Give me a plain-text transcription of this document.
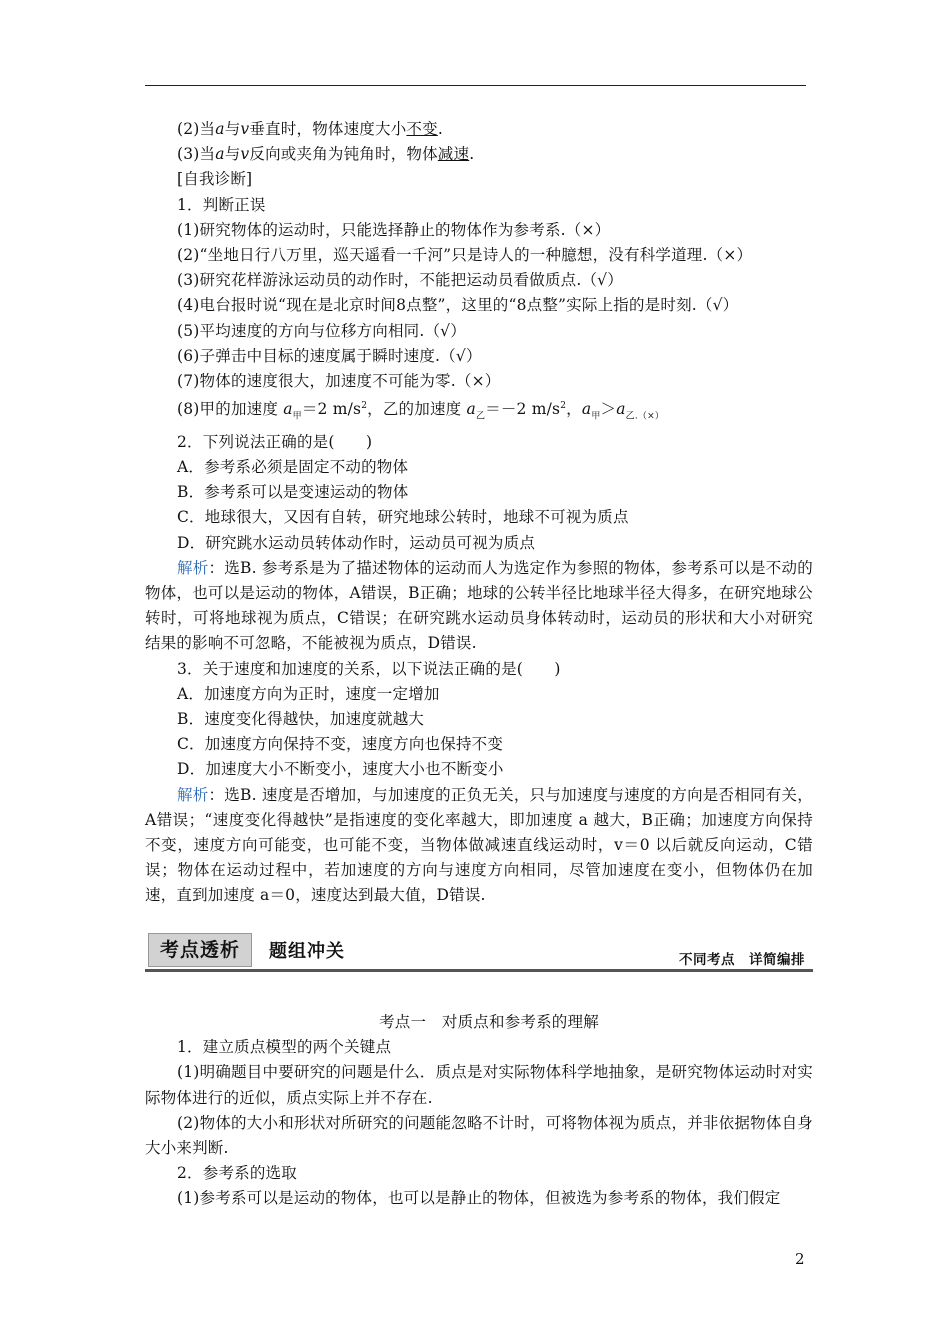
(2)当a与v垂直时，物体速度大小不变.
(3)当a与v反向或夹角为钝角时，物体减速.
[自我诊断]
1．判断正误
(1)研究物体的运动时，只能选择静止的物体作为参考系.（×）
(2)“坐地日行八万里，巡天遥看一千河”只是诗人的一种臆想，没有科学道理.（×）
(3)研究花样游泳运动员的动作时，不能把运动员看做质点.（√）
(4)电台报时说“现在是北京时间8点整”，这里的“8点整”实际上指的是时刻.（√）
(5)平均速度的方向与位移方向相同.（√）
(6)子弹击中目标的速度属于瞬时速度.（√）
(7)物体的速度很大，加速度不可能为零.（×）
(8)甲的加速度 $a_甲=2$ $m/s^2$，乙的加速度 $a_乙=-2$ $m/s^2$，$a_甲>a_{乙.(\times)}$
2．下列说法正确的是(　　)
A．参考系必须是固定不动的物体
B．参考系可以是变速运动的物体
C．地球很大，又因有自转，研究地球公转时，地球不可视为质点
D．研究跳水运动员转体动作时，运动员可视为质点
解析：选B. 参考系是为了描述物体的运动而人为选定作为参照的物体，参考系可以是不动的物体，也可以是运动的物体，A错误，B正确；地球的公转半径比地球半径大得多，在研究地球公转时，可将地球视为质点，C错误；在研究跳水运动员身体转动时，运动员的形状和大小对研究结果的影响不可忽略，不能被视为质点，D错误.
3．关于速度和加速度的关系，以下说法正确的是(　　)
A．加速度方向为正时，速度一定增加
B．速度变化得越快，加速度就越大
C．加速度方向保持不变，速度方向也保持不变
D．加速度大小不断变小，速度大小也不断变小
解析：选B. 速度是否增加，与加速度的正负无关，只与加速度与速度的方向是否相同有关，A错误；“速度变化得越快”是指速度的变化率越大，即加速度 a 越大，B正确；加速度方向保持不变，速度方向可能变，也可能不变，当物体做减速直线运动时，v＝0 以后就反向运动，C错误；物体在运动过程中，若加速度的方向与速度方向相同，尽管加速度在变小，但物体仍在加速，直到加速度 a＝0，速度达到最大值，D错误.
考点透析	题组冲关	不同考点　详简编排
考点一　对质点和参考系的理解
1．建立质点模型的两个关键点
(1)明确题目中要研究的问题是什么．质点是对实际物体科学地抽象，是研究物体运动时对实际物体进行的近似，质点实际上并不存在.
(2)物体的大小和形状对所研究的问题能忽略不计时，可将物体视为质点，并非依据物体自身大小来判断.
2．参考系的选取
(1)参考系可以是运动的物体，也可以是静止的物体，但被选为参考系的物体，我们假定
2
